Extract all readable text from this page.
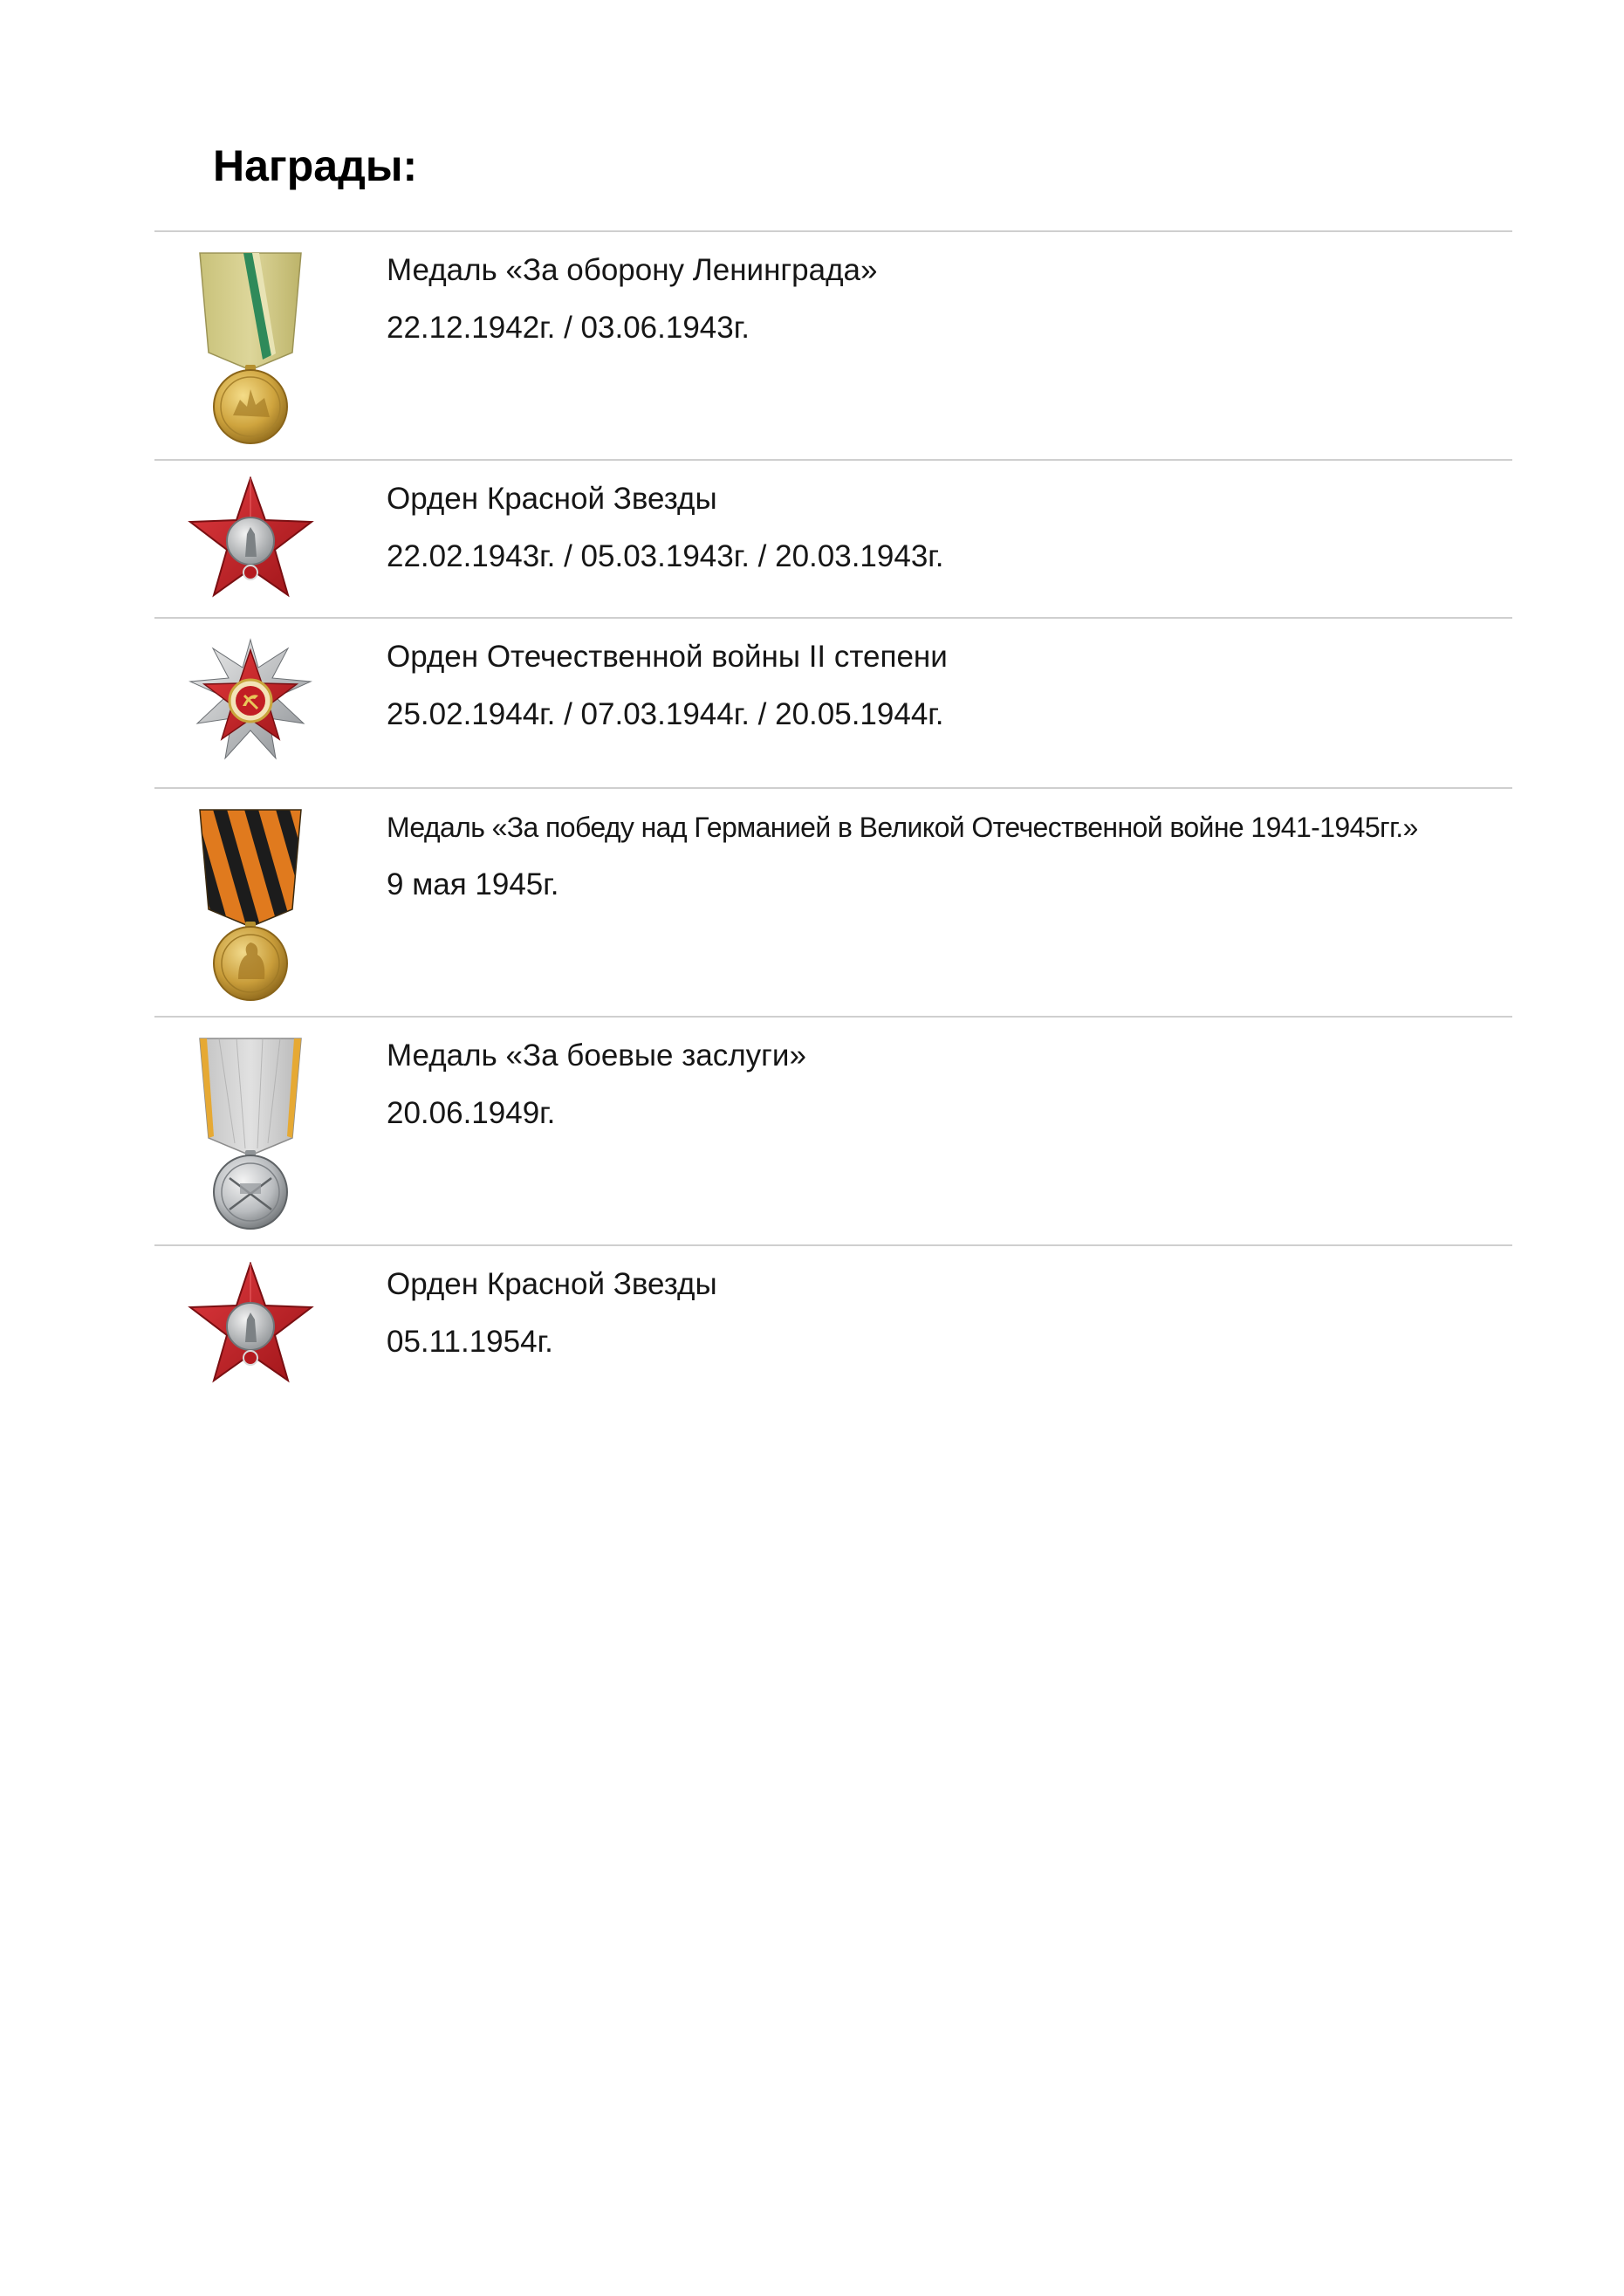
Награды:
Медаль «За оборону Ленинграда»
22.12.1942г. / 03.06.1943г.
Орден Красной Звезды
22.02.1943г. / 05.03.1943г. / 20.03.1943г.
Орден Отечественной войны II степени
25.02.1944г. / 07.03.1944г. / 20.05.1944г.
Медаль «За победу над Германией в Великой Отечественной войне 1941-1945гг.»
9 мая 1945г.
Медаль «За боевые заслуги»
20.06.1949г.
Орден Красной Звезды
05.11.1954г.
